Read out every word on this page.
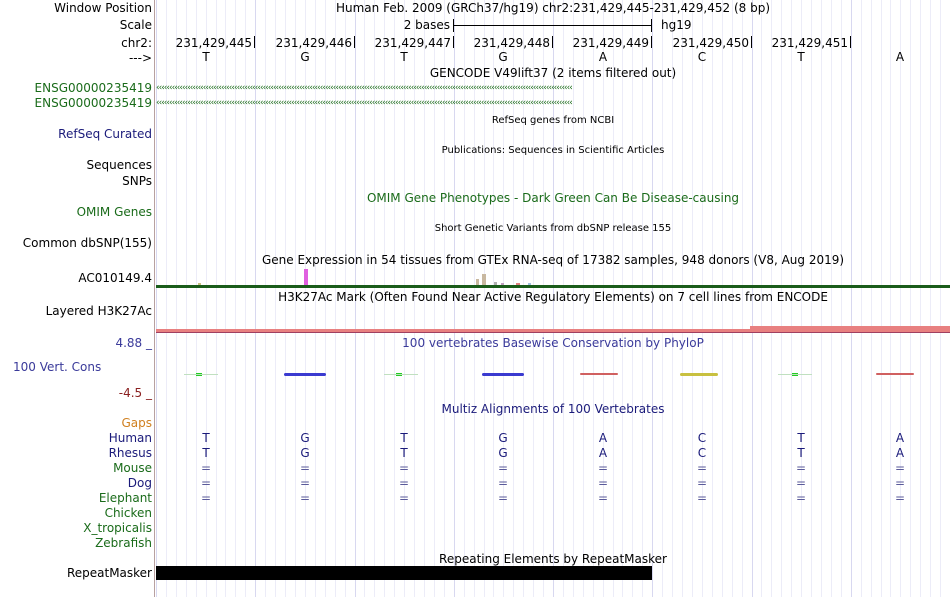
Window Position	Human Feb. 2009 (GRCh37/hg19) chr2:231,429,445-231,429,452 (8 bp)
Scale	2 bases	hg19
chr2:	231,429,445	231,429,446	231,429,447	231,429,448	231,429,449	231,429,450	231,429,451
--->	T	G	T	G	A	C	T	A
GENCODE V49lift37 (2 items filtered out)
ENSG00000235419 ‹‹‹‹‹‹‹‹‹‹‹‹‹‹‹‹‹‹‹‹‹‹‹‹‹‹‹‹‹‹‹‹‹‹‹‹‹‹‹‹‹‹‹‹‹‹‹‹‹‹‹‹‹‹‹‹‹‹‹‹‹‹‹‹‹‹‹‹‹‹‹‹‹‹‹‹‹‹‹‹‹‹‹‹‹‹‹‹‹‹‹‹‹‹‹‹‹‹‹‹‹‹‹‹‹‹‹‹‹‹‹‹‹‹‹‹‹‹‹‹‹‹‹‹‹‹‹‹‹‹‹‹‹‹‹‹‹‹‹‹‹‹‹‹‹‹‹‹‹‹‹‹‹‹‹‹‹‹‹‹
ENSG00000235419 ‹‹‹‹‹‹‹‹‹‹‹‹‹‹‹‹‹‹‹‹‹‹‹‹‹‹‹‹‹‹‹‹‹‹‹‹‹‹‹‹‹‹‹‹‹‹‹‹‹‹‹‹‹‹‹‹‹‹‹‹‹‹‹‹‹‹‹‹‹‹‹‹‹‹‹‹‹‹‹‹‹‹‹‹‹‹‹‹‹‹‹‹‹‹‹‹‹‹‹‹‹‹‹‹‹‹‹‹‹‹‹‹‹‹‹‹‹‹‹‹‹‹‹‹‹‹‹‹‹‹‹‹‹‹‹‹‹‹‹‹‹‹‹‹‹‹‹‹‹‹‹‹‹‹‹‹‹‹‹‹
RefSeq genes from NCBI
RefSeq Curated
Publications: Sequences in Scientific Articles
Sequences
SNPs
OMIM Gene Phenotypes - Dark Green Can Be Disease-causing
OMIM Genes
Short Genetic Variants from dbSNP release 155
Common dbSNP(155)
Gene Expression in 54 tissues from GTEx RNA-seq of 17382 samples, 948 donors (V8, Aug 2019)
AC010149.4
H3K27Ac Mark (Often Found Near Active Regulatory Elements) on 7 cell lines from ENCODE
Layered H3K27Ac
100 vertebrates Basewise Conservation by PhyloP
4.88 _
100 Vert. Cons
-4.5 _
Multiz Alignments of 100 Vertebrates
Gaps
Human	T	G	T	G	A	C	T	A
Rhesus	T	G	T	G	A	C	T	A
Mouse	=	=	=	=	=	=	=	=
Dog	=	=	=	=	=	=	=	=
Elephant	=	=	=	=	=	=	=	=
Chicken
X_tropicalis
Zebrafish
Repeating Elements by RepeatMasker
RepeatMasker
